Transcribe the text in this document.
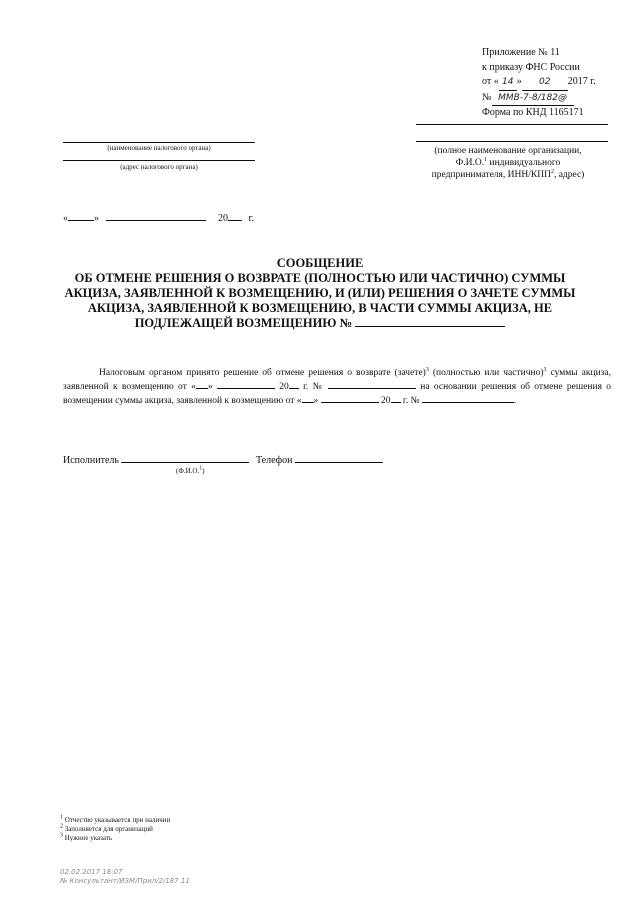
Приложение № 11
к приказу ФНС России
от « 14 » 02 2017 г.
№ ММВ-7-8/182@
Форма по КНД 1165171
(наименование налогового органа)
(адрес налогового органа)
(полное наименование организации,
Ф.И.О.$^1$ индивидуального
предпринимателя, ИНН/КПП$^2$, адрес)
«	»	20 г.
СООБЩЕНИЕ
ОБ ОТМЕНЕ РЕШЕНИЯ О ВОЗВРАТЕ (ПОЛНОСТЬЮ ИЛИ ЧАСТИЧНО) СУММЫ
АКЦИЗА, ЗАЯВЛЕННОЙ К ВОЗМЕЩЕНИЮ, И (ИЛИ) РЕШЕНИЯ О ЗАЧЕТЕ СУММЫ
АКЦИЗА, ЗАЯВЛЕННОЙ К ВОЗМЕЩЕНИЮ, В ЧАСТИ СУММЫ АКЦИЗА, НЕ
ПОДЛЕЖАЩЕЙ ВОЗМЕЩЕНИЮ №
Налоговым органом принято решение об отмене решения о возврате (зачете)$^3$ (полностью или частично)$^3$ суммы акциза, заявленной к возмещению от « »	20 г. №	на основании решения об отмене решения о возмещении суммы акциза, заявленной к возмещению от « »	20 г. №	.
Исполнитель	Телефон
(Ф.И.О.$^1$)
$^1$ Отчество указывается при наличии
$^2$ Заполняется для организаций
$^3$ Нужное указать
02.02.2017 18:07
№ Консультант/ИЗМ/Прил/2/187 11
